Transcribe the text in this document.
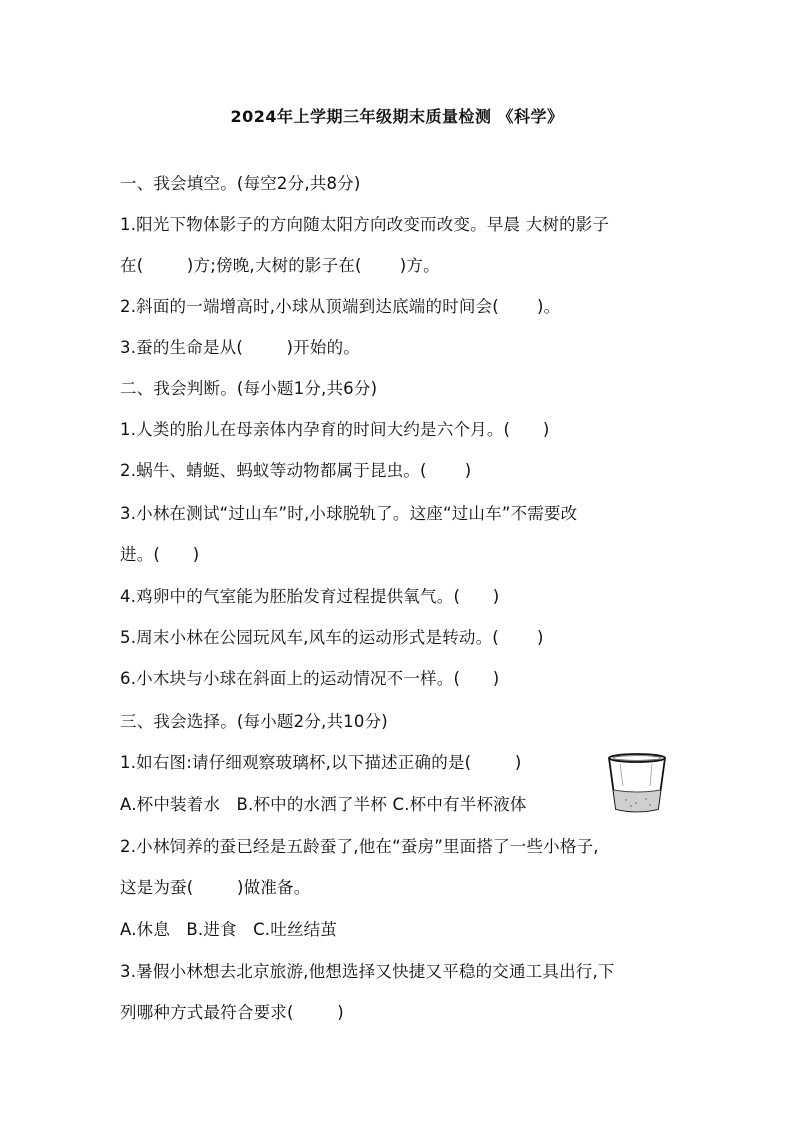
2024年上学期三年级期末质量检测 《科学》
一、我会填空。(每空2分,共8分)
1.阳光下物体影子的方向随太阳方向改变而改变。早晨 大树的影子
在(        )方;傍晚,大树的影子在(       )方。
2.斜面的一端增高时,小球从顶端到达底端的时间会(       )。
3.蚕的生命是从(        )开始的。
二、我会判断。(每小题1分,共6分)
1.人类的胎儿在母亲体内孕育的时间大约是六个月。(      )
2.蜗牛、蜻蜓、蚂蚁等动物都属于昆虫。(       )
3.小林在测试“过山车”时,小球脱轨了。这座“过山车”不需要改
进。(      )
4.鸡卵中的气室能为胚胎发育过程提供氧气。(      )
5.周末小林在公园玩风车,风车的运动形式是转动。(       )
6.小木块与小球在斜面上的运动情况不一样。(      )
三、我会选择。(每小题2分,共10分)
1.如右图:请仔细观察玻璃杯,以下描述正确的是(        )
A.杯中装着水   B.杯中的水洒了半杯 C.杯中有半杯液体
2.小林饲养的蚕已经是五龄蚕了,他在“蚕房”里面搭了一些小格子,
这是为蚕(        )做准备。
A.休息   B.进食   C.吐丝结茧
3.暑假小林想去北京旅游,他想选择又快捷又平稳的交通工具出行,下
列哪种方式最符合要求(        )
